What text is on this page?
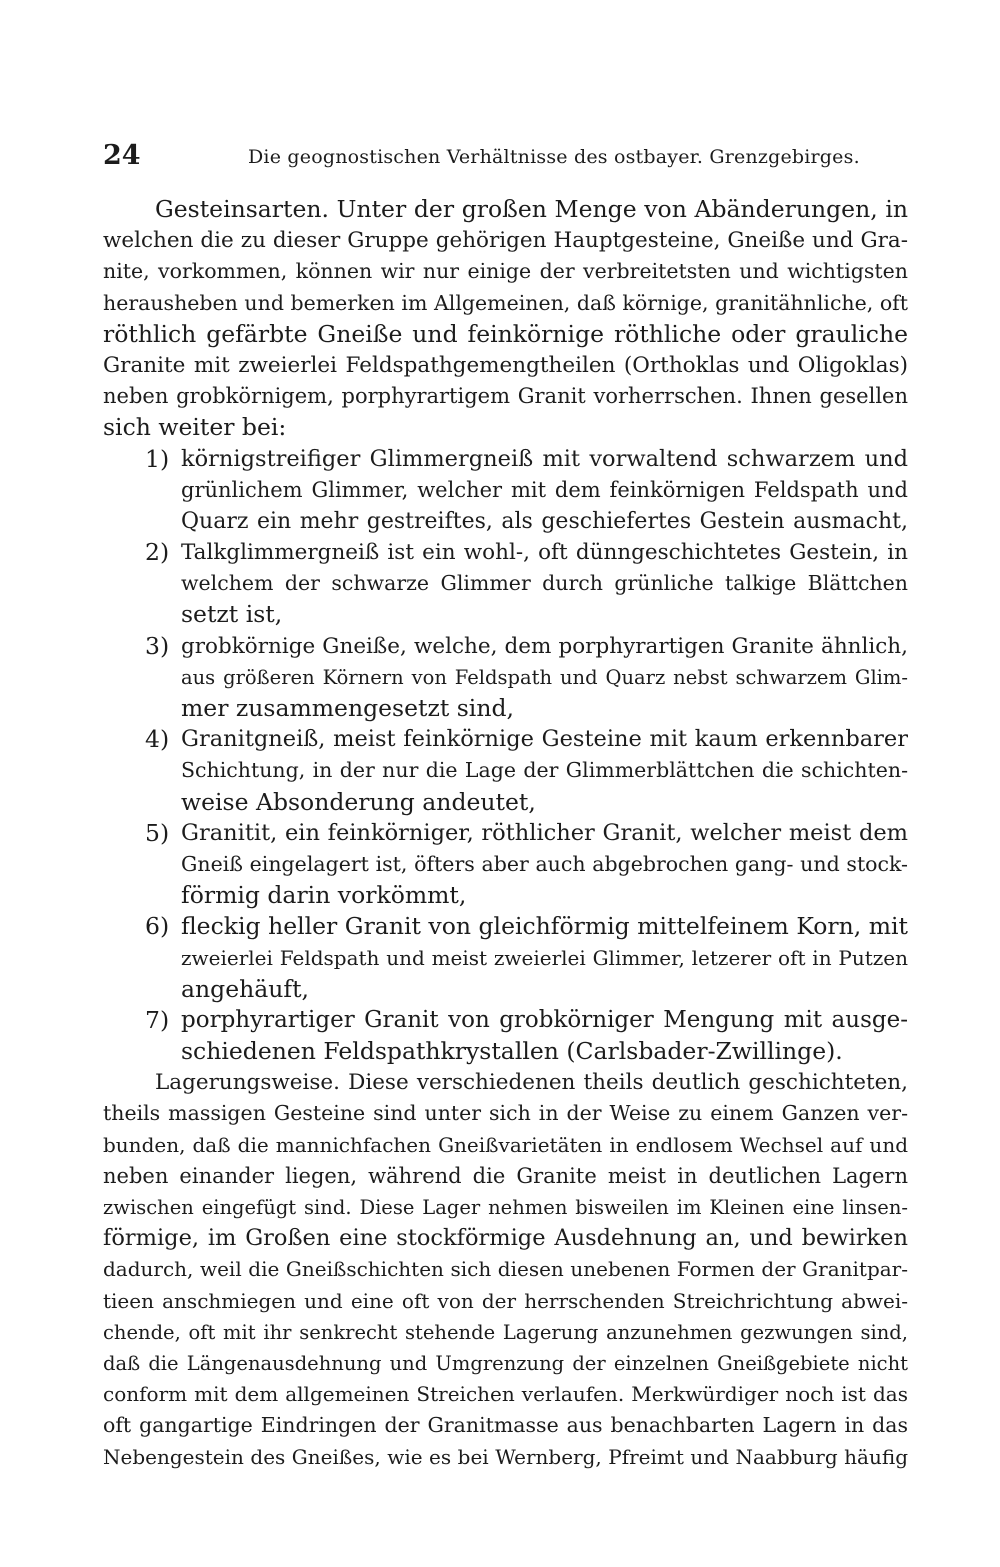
24	Die geognostischen Verhältnisse des ostbayer. Grenzgebirges.
Gesteinsarten. Unter der großen Menge von Abänderungen, in
welchen die zu dieser Gruppe gehörigen Hauptgesteine, Gneiße und Gra-
nite, vorkommen, können wir nur einige der verbreitetsten und wichtigsten
herausheben und bemerken im Allgemeinen, daß körnige, granitähnliche, oft
röthlich gefärbte Gneiße und feinkörnige röthliche oder grauliche
Granite mit zweierlei Feldspathgemengtheilen (Orthoklas und Oligoklas)
neben grobkörnigem, porphyrartigem Granit vorherrschen. Ihnen gesellen
sich weiter bei:
1) körnigstreifiger Glimmergneiß mit vorwaltend schwarzem und
grünlichem Glimmer, welcher mit dem feinkörnigen Feldspath und
Quarz ein mehr gestreiftes, als geschiefertes Gestein ausmacht,
2) Talkglimmergneiß ist ein wohl-, oft dünngeschichtetes Gestein, in
welchem der schwarze Glimmer durch grünliche talkige Blättchen
setzt ist,
3) grobkörnige Gneiße, welche, dem porphyrartigen Granite ähnlich,
aus größeren Körnern von Feldspath und Quarz nebst schwarzem Glim-
mer zusammengesetzt sind,
4) Granitgneiß, meist feinkörnige Gesteine mit kaum erkennbarer
Schichtung, in der nur die Lage der Glimmerblättchen die schichten-
weise Absonderung andeutet,
5) Granitit, ein feinkörniger, röthlicher Granit, welcher meist dem
Gneiß eingelagert ist, öfters aber auch abgebrochen gang- und stock-
förmig darin vorkömmt,
6) fleckig heller Granit von gleichförmig mittelfeinem Korn, mit
zweierlei Feldspath und meist zweierlei Glimmer, letzerer oft in Putzen
angehäuft,
7) porphyrartiger Granit von grobkörniger Mengung mit ausge-
schiedenen Feldspathkrystallen (Carlsbader-Zwillinge).
Lagerungsweise. Diese verschiedenen theils deutlich geschichteten,
theils massigen Gesteine sind unter sich in der Weise zu einem Ganzen ver-
bunden, daß die mannichfachen Gneißvarietäten in endlosem Wechsel auf und
neben einander liegen, während die Granite meist in deutlichen Lagern
zwischen eingefügt sind. Diese Lager nehmen bisweilen im Kleinen eine linsen-
förmige, im Großen eine stockförmige Ausdehnung an, und bewirken
dadurch, weil die Gneißschichten sich diesen unebenen Formen der Granitpar-
tieen anschmiegen und eine oft von der herrschenden Streichrichtung abwei-
chende, oft mit ihr senkrecht stehende Lagerung anzunehmen gezwungen sind,
daß die Längenausdehnung und Umgrenzung der einzelnen Gneißgebiete nicht
conform mit dem allgemeinen Streichen verlaufen. Merkwürdiger noch ist das
oft gangartige Eindringen der Granitmasse aus benachbarten Lagern in das
Nebengestein des Gneißes, wie es bei Wernberg, Pfreimt und Naabburg häufig
